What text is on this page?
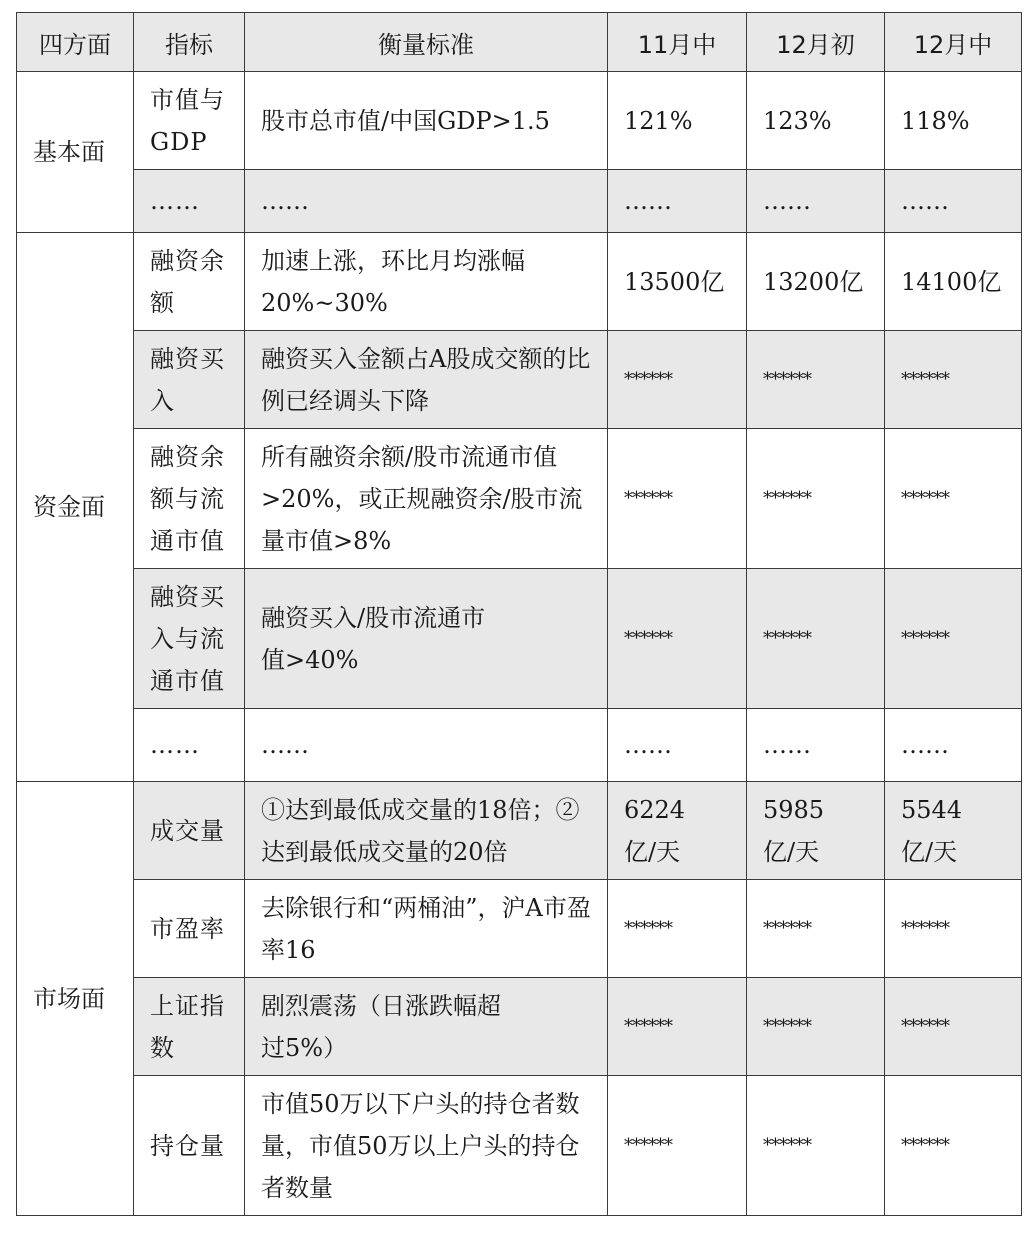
四方面	指标	衡量标准	11月中	12月初	12月中
基本面	市值与GDP	股市总市值/中国GDP>1.5	121%	123%	118%
	……	……	……	……	……
资金面	融资余额	加速上涨，环比月均涨幅20%~30%	13500亿	13200亿	14100亿
	融资买入	融资买入金额占A股成交额的比例已经调头下降	******	******	******
	融资余额与流通市值	所有融资余额/股市流通市值>20%，或正规融资余/股市流量市值>8%	******	******	******
	融资买入与流通市值	融资买入/股市流通市值>40%	******	******	******
	……	……	……	……	……
市场面	成交量	①达到最低成交量的18倍；②达到最低成交量的20倍	6224亿/天	5985亿/天	5544亿/天
	市盈率	去除银行和“两桶油”，沪A市盈率16	******	******	******
	上证指数	剧烈震荡（日涨跌幅超过5%）	******	******	******
	持仓量	市值50万以下户头的持仓者数量，市值50万以上户头的持仓者数量	******	******	******
